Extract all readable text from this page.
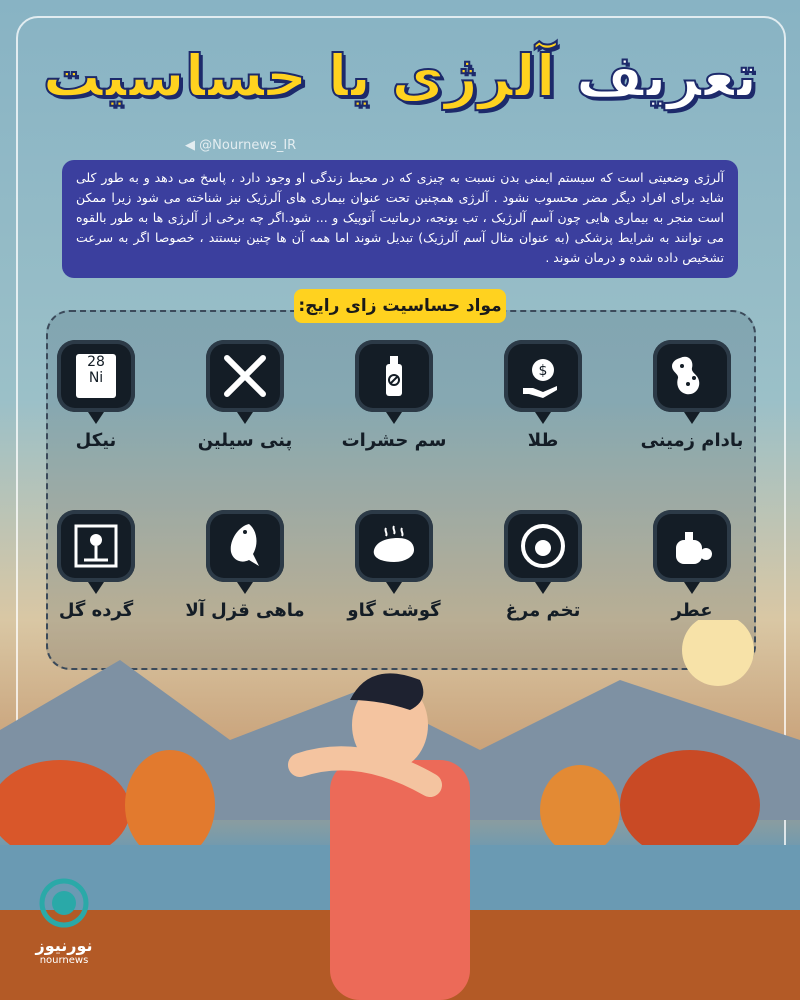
تعریف آلرژی یا حساسیت
◀ @Nournews_IR
آلرژی وضعیتی است که سیستم ایمنی بدن نسبت به چیزی که در محیط زندگی او وجود دارد ، پاسخ می دهد و به طور کلی شاید برای افراد دیگر مضر محسوب نشود . آلرژی همچنین تحت عنوان بیماری های آلرژیک نیز شناخته می شود زیرا ممکن است منجر به بیماری هایی چون آسم آلرژیک ، تب یونجه، درماتیت آتوپیک و ... شود.اگر چه برخی از آلرژی ها به طور بالقوه می توانند به شرایط پزشکی (به عنوان مثال آسم آلرژیک) تبدیل شوند اما همه آن ها چنین نیستند ، خصوصا اگر به سرعت تشخیص داده شده و درمان شوند .
مواد حساسیت زای رایج:
بادام زمینی
$
طلا
سم حشرات
پنی سیلین
28
Ni
نیکل
عطر
تخم مرغ
گوشت گاو
ماهی قزل آلا
گرده گل
نورنیوز
nournews
